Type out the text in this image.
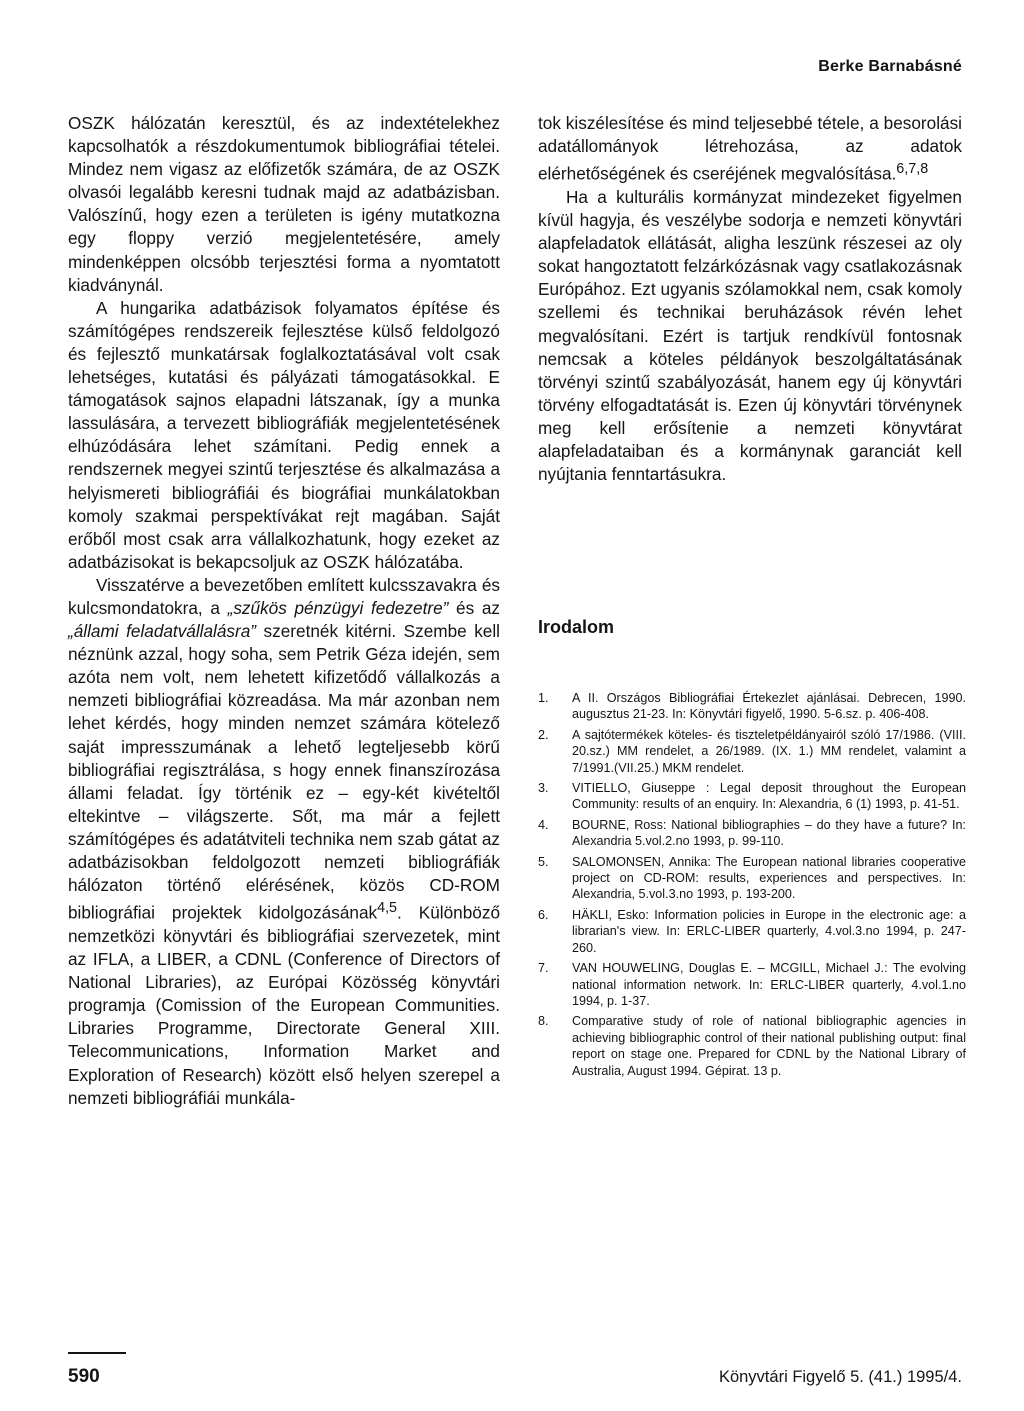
Berke Barnabásné

OSZK hálózatán keresztül, és az indextételekhez kapcsolhatók a részdokumentumok bibliográfiai tételei. Mindez nem vigasz az előfizetők számára, de az OSZK olvasói legalább keresni tudnak majd az adatbázisban. Valószínű, hogy ezen a területen is igény mutatkozna egy floppy verzió megjelentetésére, amely mindenképpen olcsóbb terjesztési forma a nyomtatott kiadványnál.

A hungarika adatbázisok folyamatos építése és számítógépes rendszereik fejlesztése külső feldolgozó és fejlesztő munkatársak foglalkoztatásával volt csak lehetséges, kutatási és pályázati támogatásokkal. E támogatások sajnos elapadni látszanak, így a munka lassulására, a tervezett bibliográfiák megjelentetésének elhúzódására lehet számítani. Pedig ennek a rendszernek megyei szintű terjesztése és alkalmazása a helyismereti bibliográfiái és biográfiai munkálatokban komoly szakmai perspektívákat rejt magában. Saját erőből most csak arra vállalkozhatunk, hogy ezeket az adatbázisokat is bekapcsoljuk az OSZK hálózatába.

Visszatérve a bevezetőben említett kulcsszavakra és kulcsmondatokra, a „szűkös pénzügyi fedezetre” és az „állami feladatvállalásra” szeretnék kitérni. Szembe kell néznünk azzal, hogy soha, sem Petrik Géza idején, sem azóta nem volt, nem lehetett kifizetődő vállalkozás a nemzeti bibliográfiai közreadása. Ma már azonban nem lehet kérdés, hogy minden nemzet számára kötelező saját impresszumának a lehető legteljesebb körű bibliográfiai regisztrálása, s hogy ennek finanszírozása állami feladat. Így történik ez – egy-két kivételtől eltekintve – világszerte. Sőt, ma már a fejlett számítógépes és adatátviteli technika nem szab gátat az adatbázisokban feldolgozott nemzeti bibliográfiák hálózaton történő elérésének, közös CD-ROM bibliográfiai projektek kidolgozásának$^{4,5}$. Különböző nemzetközi könyvtári és bibliográfiai szervezetek, mint az IFLA, a LIBER, a CDNL (Conference of Directors of National Libraries), az Európai Közösség könyvtári programja (Comission of the European Communities. Libraries Programme, Directorate General XIII. Telecommunications, Information Market and Exploration of Research) között első helyen szerepel a nemzeti bibliográfiái munkála-

tok kiszélesítése és mind teljesebbé tétele, a besorolási adatállományok létrehozása, az adatok elérhetőségének és cseréjének megvalósítása.$^{6,7,8}$

Ha a kulturális kormányzat mindezeket figyelmen kívül hagyja, és veszélybe sodorja e nemzeti könyvtári alapfeladatok ellátását, aligha leszünk részesei az oly sokat hangoztatott felzárkózásnak vagy csatlakozásnak Európához. Ezt ugyanis szólamokkal nem, csak komoly szellemi és technikai beruházások révén lehet megvalósítani. Ezért is tartjuk rendkívül fontosnak nemcsak a köteles példányok beszolgáltatásának törvényi szintű szabályozását, hanem egy új könyvtári törvény elfogadtatását is. Ezen új könyvtári törvénynek meg kell erősítenie a nemzeti könyvtárat alapfeladataiban és a kormánynak garanciát kell nyújtania fenntartásukra.

Irodalom
1.	A II. Országos Bibliográfiai Értekezlet ajánlásai. Debrecen, 1990. augusztus 21-23. In: Könyvtári figyelő, 1990. 5-6.sz. p. 406-408.
2.	A sajtótermékek köteles- és tiszteletpéldányairól szóló 17/1986. (VIII. 20.sz.) MM rendelet, a 26/1989. (IX. 1.) MM rendelet, valamint a 7/1991.(VII.25.) MKM rendelet.
3.	VITIELLO, Giuseppe : Legal deposit throughout the European Community: results of an enquiry. In: Alexandria, 6 (1) 1993, p. 41-51.
4.	BOURNE, Ross: National bibliographies – do they have a future? In: Alexandria 5.vol.2.no 1993, p. 99-110.
5.	SALOMONSEN, Annika: The European national libraries cooperative project on CD-ROM: results, experiences and perspectives. In: Alexandria, 5.vol.3.no 1993, p. 193-200.
6.	HÄKLI, Esko: Information policies in Europe in the electronic age: a librarian's view. In: ERLC-LIBER quarterly, 4.vol.3.no 1994, p. 247-260.
7.	VAN HOUWELING, Douglas E. – MCGILL, Michael J.: The evolving national information network. In: ERLC-LIBER quarterly, 4.vol.1.no 1994, p. 1-37.
8.	Comparative study of role of national bibliographic agencies in achieving bibliographic control of their national publishing output: final report on stage one. Prepared for CDNL by the National Library of Australia, August 1994. Gépirat. 13 p.
590	Könyvtári Figyelő 5. (41.) 1995/4.
